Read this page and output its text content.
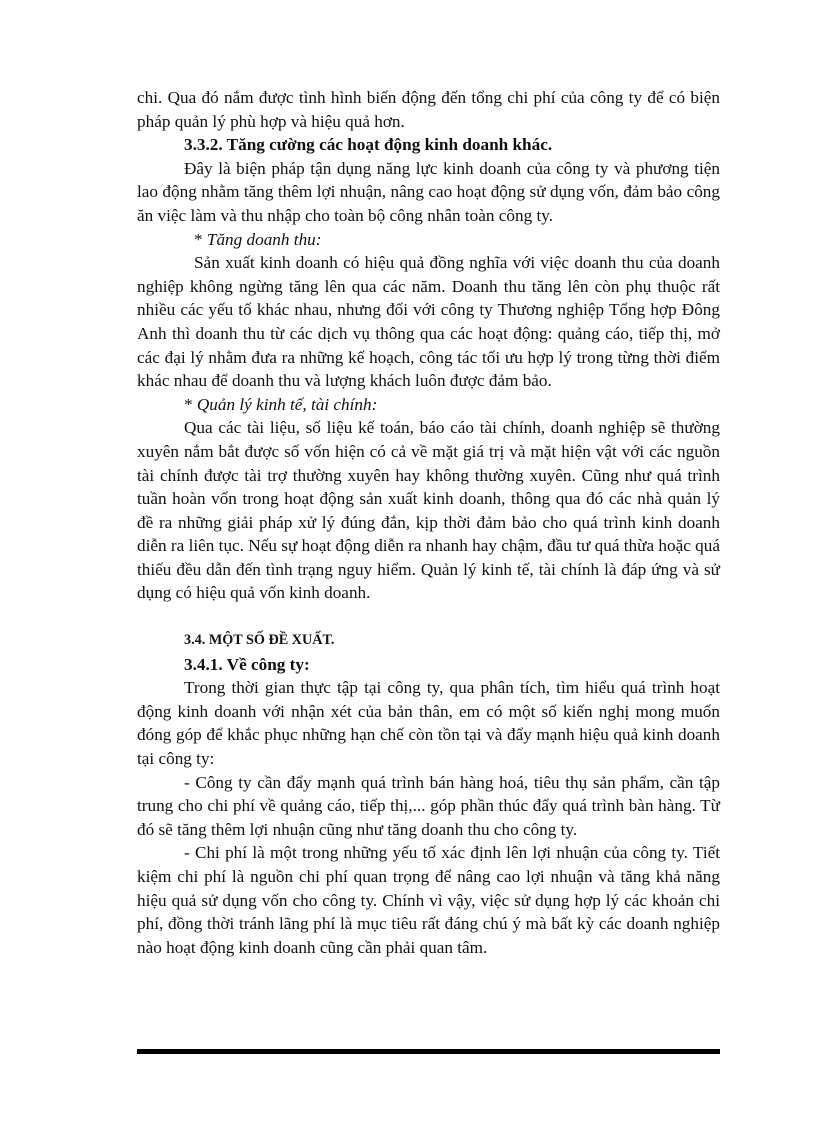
chi. Qua đó nắm được tình hình biến động đến tổng chi phí của công ty để có biện pháp quản lý phù hợp và hiệu quả hơn.

3.3.2. Tăng cường các hoạt động kinh doanh khác.

Đây là biện pháp tận dụng năng lực kinh doanh của công ty và phương tiện lao động nhằm tăng thêm lợi nhuận, nâng cao hoạt động sử dụng vốn, đảm bảo công ăn việc làm và thu nhập cho toàn bộ công nhân toàn công ty.

* Tăng doanh thu:

Sản xuất kinh doanh có hiệu quả đồng nghĩa với việc doanh thu của doanh nghiệp không ngừng tăng lên qua các năm. Doanh thu tăng lên còn phụ thuộc rất nhiều các yếu tố khác nhau, nhưng đối với công ty Thương nghiệp Tổng hợp Đông Anh thì doanh thu từ các dịch vụ thông qua các hoạt động: quảng cáo, tiếp thị, mở các đại lý nhằm đưa ra những kế hoạch, công tác tối ưu hợp lý trong từng thời điểm khác nhau để doanh thu và lượng khách luôn được đảm bảo.

* Quản lý kinh tế, tài chính:

Qua các tài liệu, số liệu kế toán, báo cáo tài chính, doanh nghiệp sẽ thường xuyên nắm bắt được số vốn hiện có cả về mặt giá trị và mặt hiện vật với các nguồn tài chính được tài trợ thường xuyên hay không thường xuyên. Cũng như quá trình tuần hoàn vốn trong hoạt động sản xuất kinh doanh, thông qua đó các nhà quản lý đề ra những giải pháp xử lý đúng đắn, kịp thời đảm bảo cho quá trình kinh doanh diễn ra liên tục. Nếu sự hoạt động diễn ra nhanh hay chậm, đầu tư quá thừa hoặc quá thiếu đều dẫn đến tình trạng nguy hiểm. Quản lý kinh tế, tài chính là đáp ứng và sử dụng có hiệu quả vốn kinh doanh.

3.4. MỘT SỐ ĐỀ XUẤT.

3.4.1. Về công ty:

Trong thời gian thực tập tại công ty, qua phân tích, tìm hiểu quá trình hoạt động kinh doanh với nhận xét của bản thân, em có một số kiến nghị mong muốn đóng góp để khắc phục những hạn chế còn tồn tại và đẩy mạnh hiệu quả kinh doanh tại công ty:

- Công ty cần đẩy mạnh quá trình bán hàng hoá, tiêu thụ sản phẩm, cần tập trung cho chi phí về quảng cáo, tiếp thị,... góp phần thúc đẩy quá trình bàn hàng. Từ đó sẽ tăng thêm lợi nhuận cũng như tăng doanh thu cho công ty.

- Chi phí là một trong những yếu tố xác định lên lợi nhuận của công ty. Tiết kiệm chi phí là nguồn chi phí quan trọng để nâng cao lợi nhuận và tăng khả năng hiệu quả sử dụng vốn cho công ty. Chính vì vậy, việc sử dụng hợp lý các khoản chi phí, đồng thời tránh lãng phí là mục tiêu rất đáng chú ý mà bất kỳ các doanh nghiệp nào hoạt động kinh doanh cũng cần phải quan tâm.
